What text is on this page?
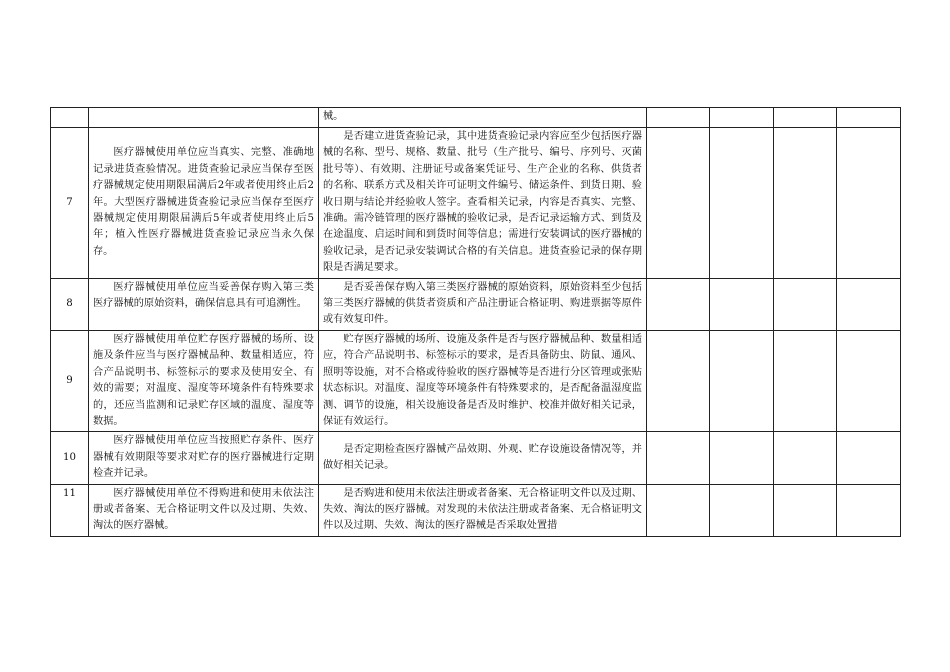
		械。				
7	医疗器械使用单位应当真实、完整、准确地记录进货查验情况。进货查验记录应当保存至医疗器械规定使用期限届满后2年或者使用终止后2年。大型医疗器械进货查验记录应当保存至医疗器械规定使用期限届满后5年或者使用终止后5年；植入性医疗器械进货查验记录应当永久保存。	是否建立进货查验记录，其中进货查验记录内容应至少包括医疗器械的名称、型号、规格、数量、批号（生产批号、编号、序列号、灭菌批号等）、有效期、注册证号或备案凭证号、生产企业的名称、供货者的名称、联系方式及相关许可证明文件编号、储运条件、到货日期、验收日期与结论并经验收人签字。查看相关记录，内容是否真实、完整、准确。需冷链管理的医疗器械的验收记录，是否记录运输方式、到货及在途温度、启运时间和到货时间等信息；需进行安装调试的医疗器械的验收记录，是否记录安装调试合格的有关信息。进货查验记录的保存期限是否满足要求。				
8	医疗器械使用单位应当妥善保存购入第三类医疗器械的原始资料，确保信息具有可追溯性。	是否妥善保存购入第三类医疗器械的原始资料，原始资料至少包括第三类医疗器械的供货者资质和产品注册证合格证明、购进票据等原件或有效复印件。				
9	医疗器械使用单位贮存医疗器械的场所、设施及条件应当与医疗器械品种、数量相适应，符合产品说明书、标签标示的要求及使用安全、有效的需要；对温度、湿度等环境条件有特殊要求的，还应当监测和记录贮存区域的温度、湿度等数据。	贮存医疗器械的场所、设施及条件是否与医疗器械品种、数量相适应，符合产品说明书、标签标示的要求，是否具备防虫、防鼠、通风、照明等设施，对不合格或待验收的医疗器械等是否进行分区管理或张贴状态标识。对温度、湿度等环境条件有特殊要求的，是否配备温湿度监测、调节的设施，相关设施设备是否及时维护、校准并做好相关记录，保证有效运行。				
10	医疗器械使用单位应当按照贮存条件、医疗器械有效期限等要求对贮存的医疗器械进行定期检查并记录。	是否定期检查医疗器械产品效期、外观、贮存设施设备情况等，并做好相关记录。				
11	医疗器械使用单位不得购进和使用未依法注册或者备案、无合格证明文件以及过期、失效、淘汰的医疗器械。	是否购进和使用未依法注册或者备案、无合格证明文件以及过期、失效、淘汰的医疗器械。对发现的未依法注册或者备案、无合格证明文件以及过期、失效、淘汰的医疗器械是否采取处置措				
